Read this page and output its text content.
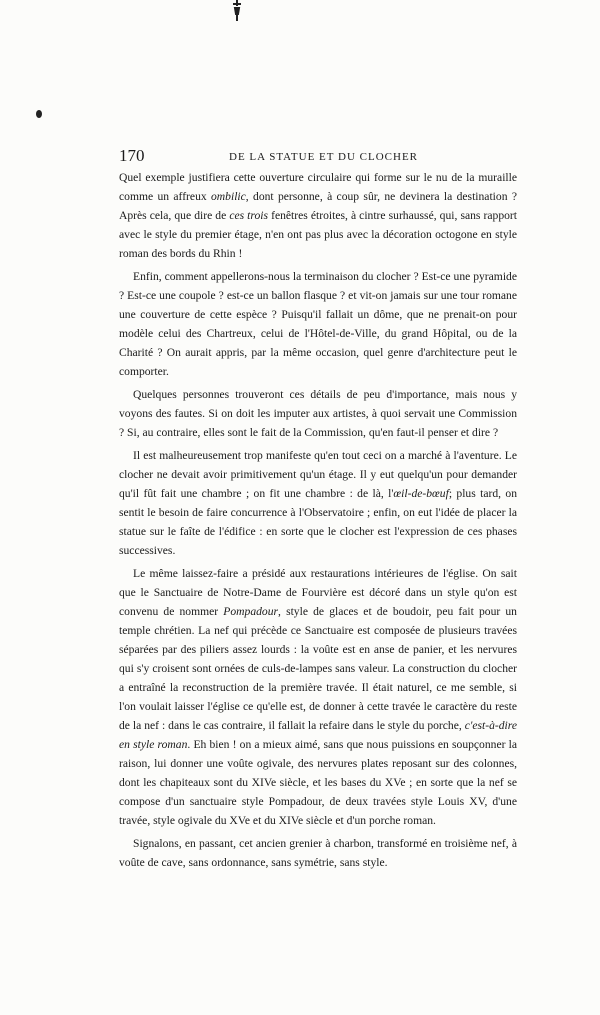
170	DE LA STATUE ET DU CLOCHER

Quel exemple justifiera cette ouverture circulaire qui forme sur le nu de la muraille comme un affreux ombilic, dont personne, à coup sûr, ne devinera la destination ? Après cela, que dire de ces trois fenêtres étroites, à cintre surhaussé, qui, sans rapport avec le style du premier étage, n'en ont pas plus avec la décoration octogone en style roman des bords du Rhin !

Enfin, comment appellerons-nous la terminaison du clocher ? Est-ce une pyramide ? Est-ce une coupole ? est-ce un ballon flasque ? et vit-on jamais sur une tour romane une couverture de cette espèce ? Puisqu'il fallait un dôme, que ne prenait-on pour modèle celui des Chartreux, celui de l'Hôtel-de-Ville, du grand Hôpital, ou de la Charité ? On aurait appris, par la même occasion, quel genre d'architecture peut le comporter.

Quelques personnes trouveront ces détails de peu d'importance, mais nous y voyons des fautes. Si on doit les imputer aux artistes, à quoi servait une Commission ? Si, au contraire, elles sont le fait de la Commission, qu'en faut-il penser et dire ?

Il est malheureusement trop manifeste qu'en tout ceci on a marché à l'aventure. Le clocher ne devait avoir primitivement qu'un étage. Il y eut quelqu'un pour demander qu'il fût fait une chambre ; on fit une chambre : de là, l'œil-de-bœuf; plus tard, on sentit le besoin de faire concurrence à l'Observatoire ; enfin, on eut l'idée de placer la statue sur le faîte de l'édifice : en sorte que le clocher est l'expression de ces phases successives.

Le même laissez-faire a présidé aux restaurations intérieures de l'église. On sait que le Sanctuaire de Notre-Dame de Fourvière est décoré dans un style qu'on est convenu de nommer Pompadour, style de glaces et de boudoir, peu fait pour un temple chrétien. La nef qui précède ce Sanctuaire est composée de plusieurs travées séparées par des piliers assez lourds : la voûte est en anse de panier, et les nervures qui s'y croisent sont ornées de culs-de-lampes sans valeur. La construction du clocher a entraîné la reconstruction de la première travée. Il était naturel, ce me semble, si l'on voulait laisser l'église ce qu'elle est, de donner à cette travée le caractère du reste de la nef : dans le cas contraire, il fallait la refaire dans le style du porche, c'est-à-dire en style roman. Eh bien ! on a mieux aimé, sans que nous puissions en soupçonner la raison, lui donner une voûte ogivale, des nervures plates reposant sur des colonnes, dont les chapiteaux sont du XIVe siècle, et les bases du XVe ; en sorte que la nef se compose d'un sanctuaire style Pompadour, de deux travées style Louis XV, d'une travée, style ogivale du XVe et du XIVe siècle et d'un porche roman.

Signalons, en passant, cet ancien grenier à charbon, transformé en troisième nef, à voûte de cave, sans ordonnance, sans symétrie, sans style.
